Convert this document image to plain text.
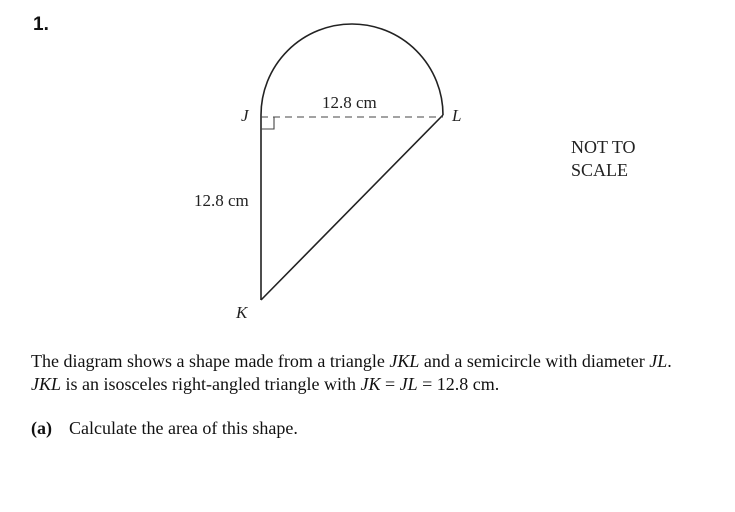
1.
J	L
K
12.8 cm
12.8 cm
NOT TO
SCALE

The diagram shows a shape made from a triangle JKL and a semicircle with diameter JL.

JKL is an isosceles right-angled triangle with JK = JL = 12.8 cm.

(a) Calculate the area of this shape.
